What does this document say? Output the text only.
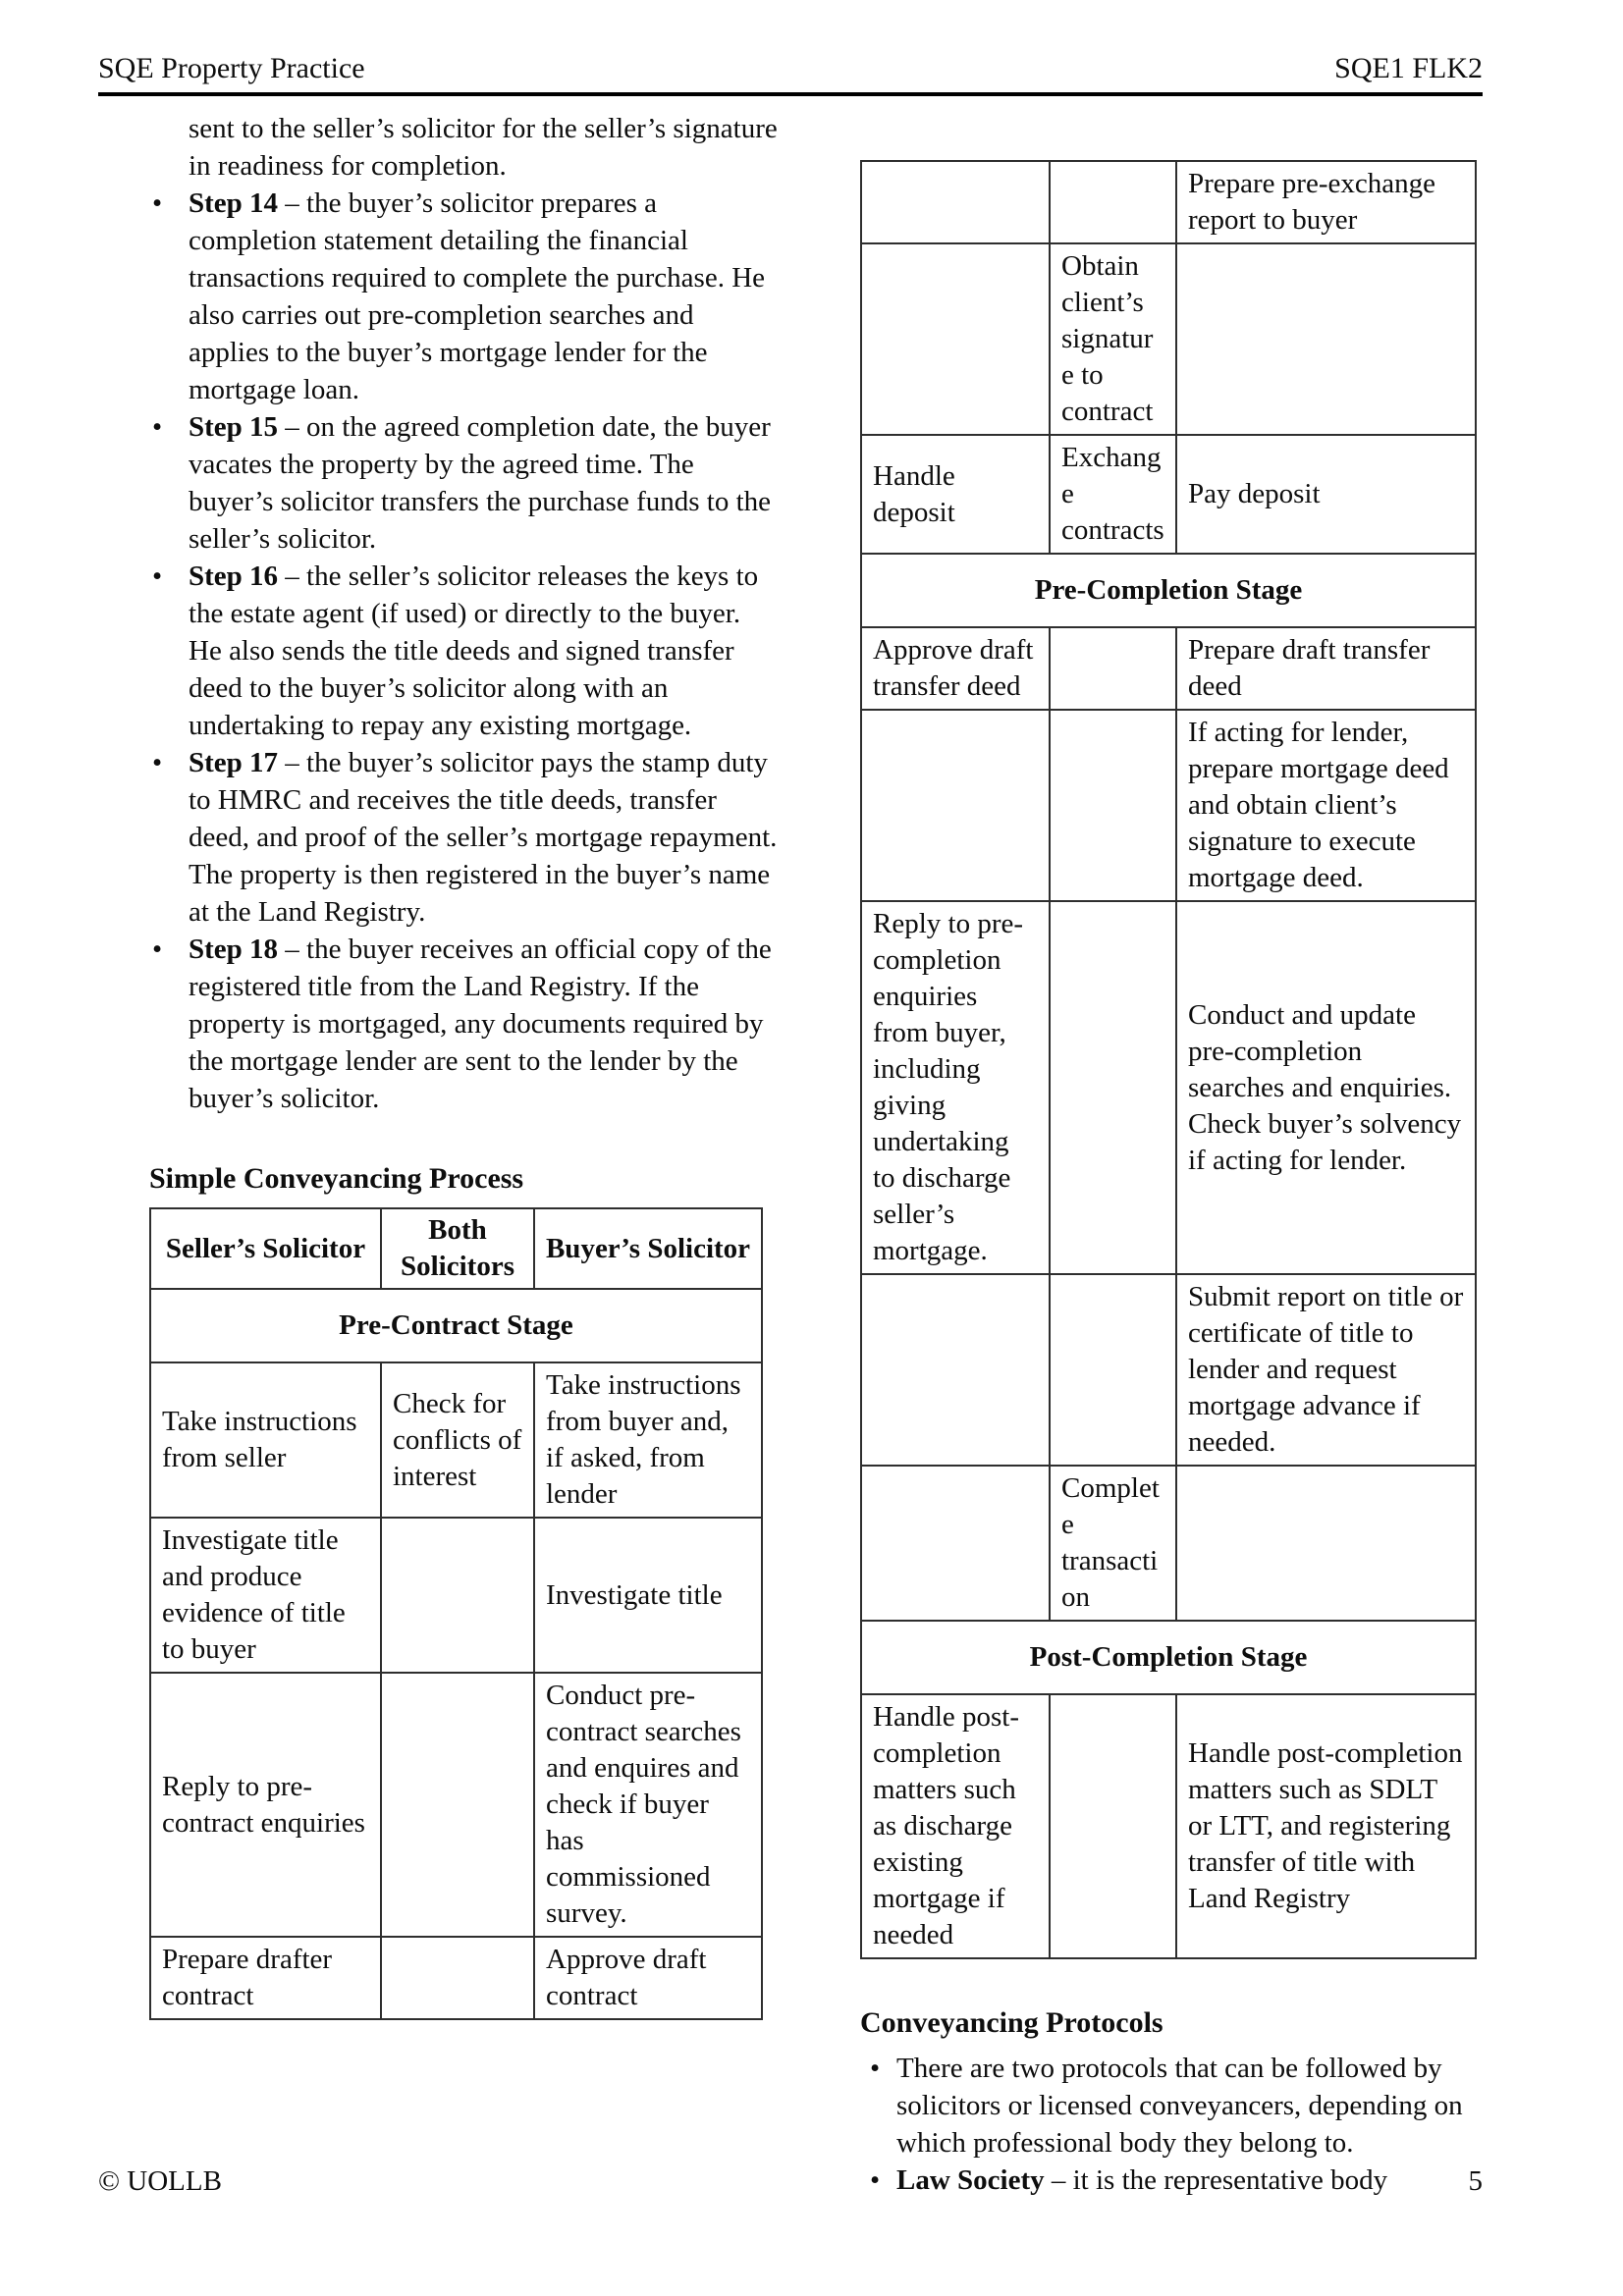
SQE Property Practice	SQE1 FLK2

sent to the seller’s solicitor for the seller’s signature in readiness for completion.

• Step 14 – the buyer’s solicitor prepares a completion statement detailing the financial transactions required to complete the purchase. He also carries out pre-completion searches and applies to the buyer’s mortgage lender for the mortgage loan.
• Step 15 – on the agreed completion date, the buyer vacates the property by the agreed time. The buyer’s solicitor transfers the purchase funds to the seller’s solicitor.
• Step 16 – the seller’s solicitor releases the keys to the estate agent (if used) or directly to the buyer. He also sends the title deeds and signed transfer deed to the buyer’s solicitor along with an undertaking to repay any existing mortgage.
• Step 17 – the buyer’s solicitor pays the stamp duty to HMRC and receives the title deeds, transfer deed, and proof of the seller’s mortgage repayment. The property is then registered in the buyer’s name at the Land Registry.
• Step 18 – the buyer receives an official copy of the registered title from the Land Registry. If the property is mortgaged, any documents required by the mortgage lender are sent to the lender by the buyer’s solicitor.
Simple Conveyancing Process
Seller’s Solicitor	Both Solicitors	Buyer’s Solicitor
Pre-Contract Stage		
Take instructions from seller	Check for conflicts of interest	Take instructions from buyer and, if asked, from lender
Investigate title and produce evidence of title to buyer		Investigate title
Reply to pre-contract enquiries		Conduct pre-contract searches and enquires and check if buyer has commissioned survey.
Prepare drafter contract		Approve draft contract
		Prepare pre-exchange report to buyer
	Obtain client’s signature to contract	
Handle deposit	Exchange contracts	Pay deposit
Pre-Completion Stage		
Approve draft transfer deed		Prepare draft transfer deed
		If acting for lender, prepare mortgage deed and obtain client’s signature to execute mortgage deed.
Reply to pre-completion enquiries from buyer, including giving undertaking to discharge seller’s mortgage.		Conduct and update pre-completion searches and enquiries. Check buyer’s solvency if acting for lender.
		Submit report on title or certificate of title to lender and request mortgage advance if needed.
	Complete transaction	
Post-Completion Stage		
Handle post-completion matters such as discharge existing mortgage if needed		Handle post-completion matters such as SDLT or LTT, and registering transfer of title with Land Registry
Conveyancing Protocols
• There are two protocols that can be followed by solicitors or licensed conveyancers, depending on which professional body they belong to.
• Law Society – it is the representative body
© UOLLB	5
